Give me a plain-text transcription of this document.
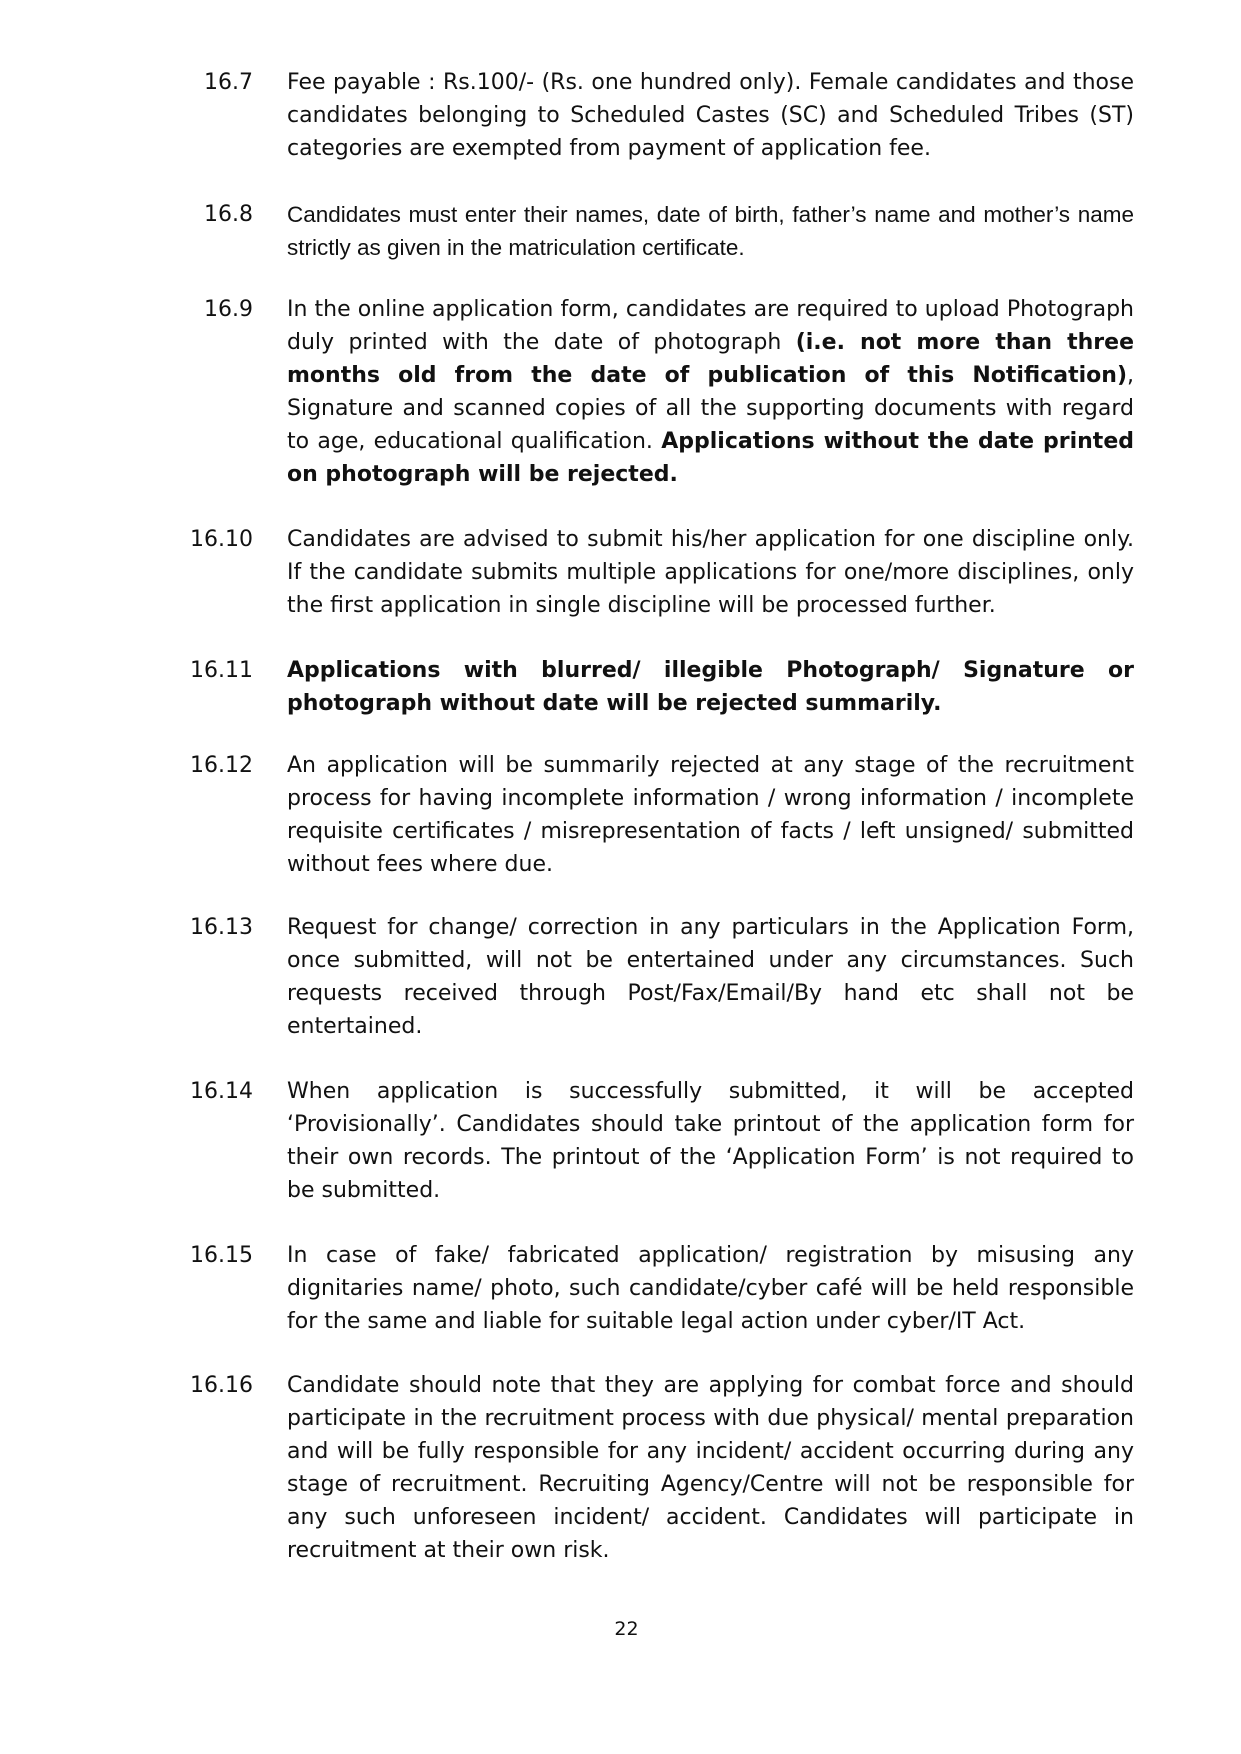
16.7	Fee payable : Rs.100/- (Rs. one hundred only). Female candidates and those candidates belonging to Scheduled Castes (SC) and Scheduled Tribes (ST) categories are exempted from payment of application fee.
16.8	Candidates must enter their names, date of birth, father’s name and mother’s name strictly as given in the matriculation certificate.
16.9	In the online application form, candidates are required to upload Photograph duly printed with the date of photograph (i.e. not more than three months old from the date of publication of this Notification), Signature and scanned copies of all the supporting documents with regard to age, educational qualification. Applications without the date printed on photograph will be rejected.
16.10	Candidates are advised to submit his/her application for one discipline only. If the candidate submits multiple applications for one/more disciplines, only the first application in single discipline will be processed further.
16.11	Applications with blurred/ illegible Photograph/ Signature or photograph without date will be rejected summarily.
16.12	An application will be summarily rejected at any stage of the recruitment process for having incomplete information / wrong information / incomplete requisite certificates / misrepresentation of facts / left unsigned/ submitted without fees where due.
16.13	Request for change/ correction in any particulars in the Application Form, once submitted, will not be entertained under any circumstances. Such requests received through Post/Fax/Email/By hand etc shall not be entertained.
16.14	When application is successfully submitted, it will be accepted ‘Provisionally’. Candidates should take printout of the application form for their own records. The printout of the ‘Application Form’ is not required to be submitted.
16.15	In case of fake/ fabricated application/ registration by misusing any dignitaries name/ photo, such candidate/cyber café will be held responsible for the same and liable for suitable legal action under cyber/IT Act.
16.16	Candidate should note that they are applying for combat force and should participate in the recruitment process with due physical/ mental preparation and will be fully responsible for any incident/ accident occurring during any stage of recruitment. Recruiting Agency/Centre will not be responsible for any such unforeseen incident/ accident. Candidates will participate in recruitment at their own risk.
22
